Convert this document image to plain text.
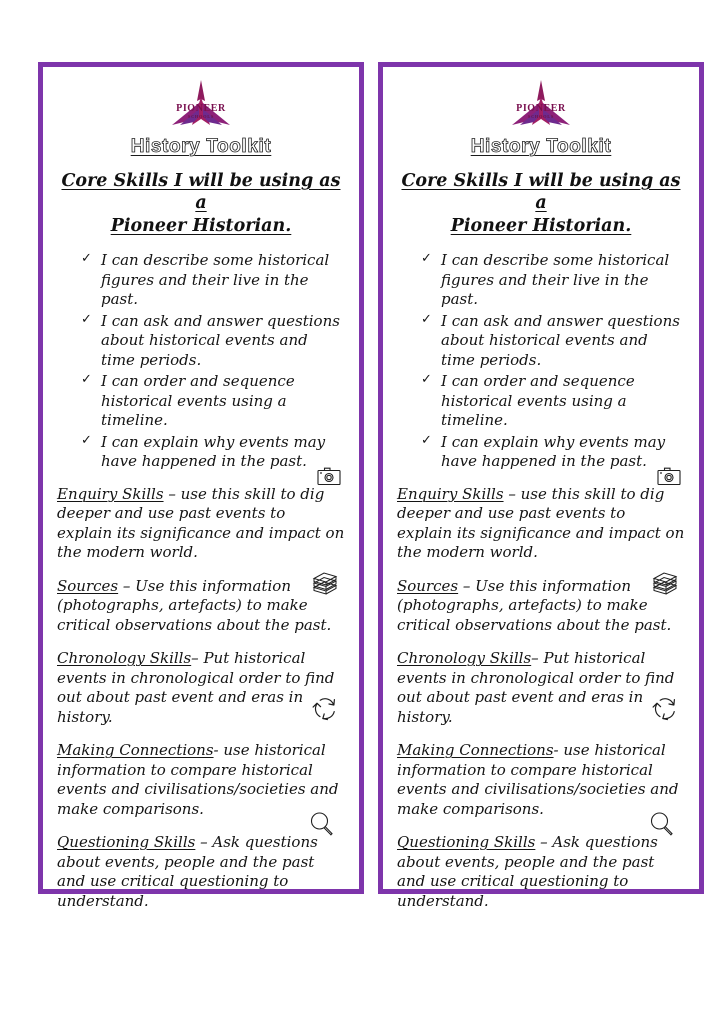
PIONEER
SCHOOLS
History Toolkit
Core Skills I will be using as a
Pioneer Historian.
✓ I can describe some historical figures and their live in the past.
✓ I can ask and answer questions about historical events and time periods.
✓ I can order and sequence historical events using a timeline.
✓ I can explain why events may have happened in the past.
Enquiry Skills – use this skill to dig deeper and use past events to explain its significance and impact on the modern world.
Sources – Use this information (photographs, artefacts) to make critical observations about the past.
Chronology Skills– Put historical events in chronological order to find out about past event and eras in history.
Making Connections- use historical information to compare historical events and civilisations/societies and make comparisons.
Questioning Skills – Ask questions about events, people and the past and use critical questioning to understand.
PIONEER
SCHOOLS
History Toolkit
Core Skills I will be using as a
Pioneer Historian.
✓ I can describe some historical figures and their live in the past.
✓ I can ask and answer questions about historical events and time periods.
✓ I can order and sequence historical events using a timeline.
✓ I can explain why events may have happened in the past.
Enquiry Skills – use this skill to dig deeper and use past events to explain its significance and impact on the modern world.
Sources – Use this information (photographs, artefacts) to make critical observations about the past.
Chronology Skills– Put historical events in chronological order to find out about past event and eras in history.
Making Connections- use historical information to compare historical events and civilisations/societies and make comparisons.
Questioning Skills – Ask questions about events, people and the past and use critical questioning to understand.
